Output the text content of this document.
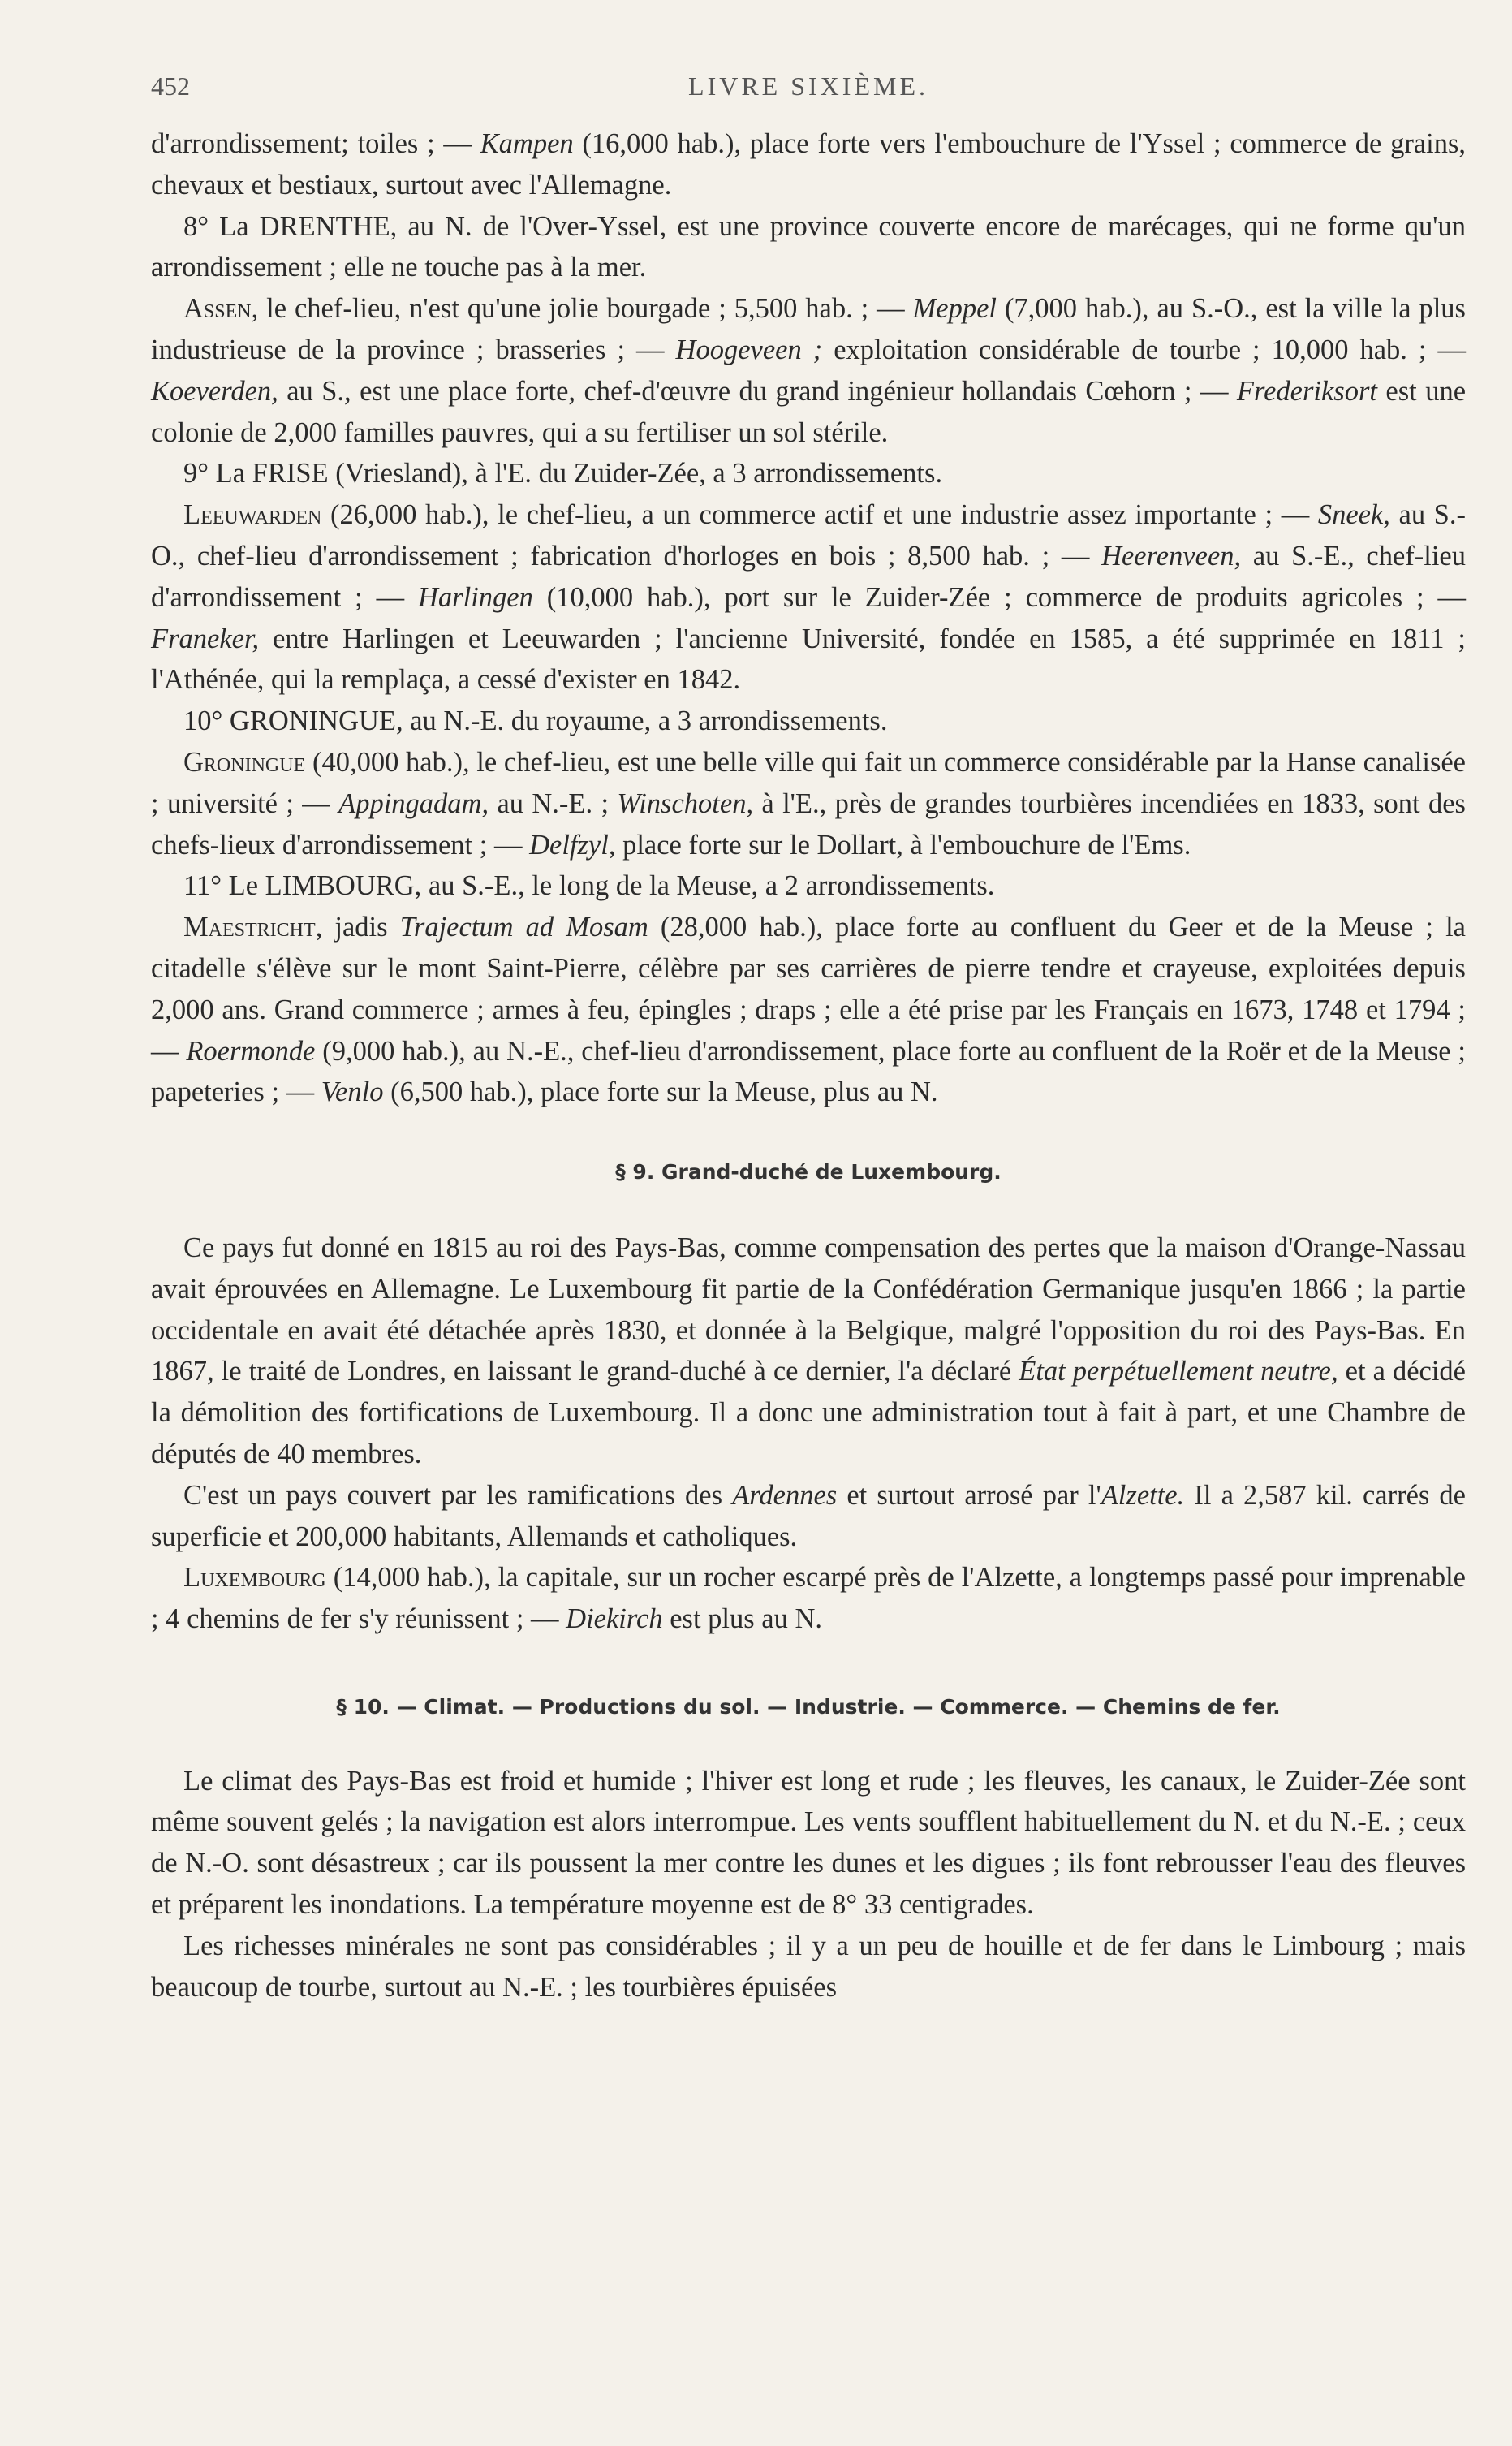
452	LIVRE SIXIÈME.

d'arrondissement; toiles ; — Kampen (16,000 hab.), place forte vers l'embouchure de l'Yssel ; commerce de grains, chevaux et bestiaux, surtout avec l'Allemagne.

8° La DRENTHE, au N. de l'Over-Yssel, est une province couverte encore de marécages, qui ne forme qu'un arrondissement ; elle ne touche pas à la mer.

Assen, le chef-lieu, n'est qu'une jolie bourgade ; 5,500 hab. ; — Meppel (7,000 hab.), au S.-O., est la ville la plus industrieuse de la province ; brasseries ; — Hoogeveen ; exploitation considérable de tourbe ; 10,000 hab. ; — Koeverden, au S., est une place forte, chef-d'œuvre du grand ingénieur hollandais Cœhorn ; — Frederiksort est une colonie de 2,000 familles pauvres, qui a su fertiliser un sol stérile.

9° La FRISE (Vriesland), à l'E. du Zuider-Zée, a 3 arrondissements.

Leeuwarden (26,000 hab.), le chef-lieu, a un commerce actif et une industrie assez importante ; — Sneek, au S.-O., chef-lieu d'arrondissement ; fabrication d'horloges en bois ; 8,500 hab. ; — Heerenveen, au S.-E., chef-lieu d'arrondissement ; — Harlingen (10,000 hab.), port sur le Zuider-Zée ; commerce de produits agricoles ; — Franeker, entre Harlingen et Leeuwarden ; l'ancienne Université, fondée en 1585, a été supprimée en 1811 ; l'Athénée, qui la remplaça, a cessé d'exister en 1842.

10° GRONINGUE, au N.-E. du royaume, a 3 arrondissements.

Groningue (40,000 hab.), le chef-lieu, est une belle ville qui fait un commerce considérable par la Hanse canalisée ; université ; — Appingadam, au N.-E. ; Winschoten, à l'E., près de grandes tourbières incendiées en 1833, sont des chefs-lieux d'arrondissement ; — Delfzyl, place forte sur le Dollart, à l'embouchure de l'Ems.

11° Le LIMBOURG, au S.-E., le long de la Meuse, a 2 arrondissements.

Maestricht, jadis Trajectum ad Mosam (28,000 hab.), place forte au confluent du Geer et de la Meuse ; la citadelle s'élève sur le mont Saint-Pierre, célèbre par ses carrières de pierre tendre et crayeuse, exploitées depuis 2,000 ans. Grand commerce ; armes à feu, épingles ; draps ; elle a été prise par les Français en 1673, 1748 et 1794 ; — Roermonde (9,000 hab.), au N.-E., chef-lieu d'arrondissement, place forte au confluent de la Roër et de la Meuse ; papeteries ; — Venlo (6,500 hab.), place forte sur la Meuse, plus au N.

§ 9. Grand-duché de Luxembourg.

Ce pays fut donné en 1815 au roi des Pays-Bas, comme compensation des pertes que la maison d'Orange-Nassau avait éprouvées en Allemagne. Le Luxembourg fit partie de la Confédération Germanique jusqu'en 1866 ; la partie occidentale en avait été détachée après 1830, et donnée à la Belgique, malgré l'opposition du roi des Pays-Bas. En 1867, le traité de Londres, en laissant le grand-duché à ce dernier, l'a déclaré État perpétuellement neutre, et a décidé la démolition des fortifications de Luxembourg. Il a donc une administration tout à fait à part, et une Chambre de députés de 40 membres.

C'est un pays couvert par les ramifications des Ardennes et surtout arrosé par l'Alzette. Il a 2,587 kil. carrés de superficie et 200,000 habitants, Allemands et catholiques.

Luxembourg (14,000 hab.), la capitale, sur un rocher escarpé près de l'Alzette, a longtemps passé pour imprenable ; 4 chemins de fer s'y réunissent ; — Diekirch est plus au N.

§ 10. — Climat. — Productions du sol. — Industrie. — Commerce. — Chemins de fer.

Le climat des Pays-Bas est froid et humide ; l'hiver est long et rude ; les fleuves, les canaux, le Zuider-Zée sont même souvent gelés ; la navigation est alors interrompue. Les vents soufflent habituellement du N. et du N.-E. ; ceux de N.-O. sont désastreux ; car ils poussent la mer contre les dunes et les digues ; ils font rebrousser l'eau des fleuves et préparent les inondations. La température moyenne est de 8° 33 centigrades.

Les richesses minérales ne sont pas considérables ; il y a un peu de houille et de fer dans le Limbourg ; mais beaucoup de tourbe, surtout au N.-E. ; les tourbières épuisées
